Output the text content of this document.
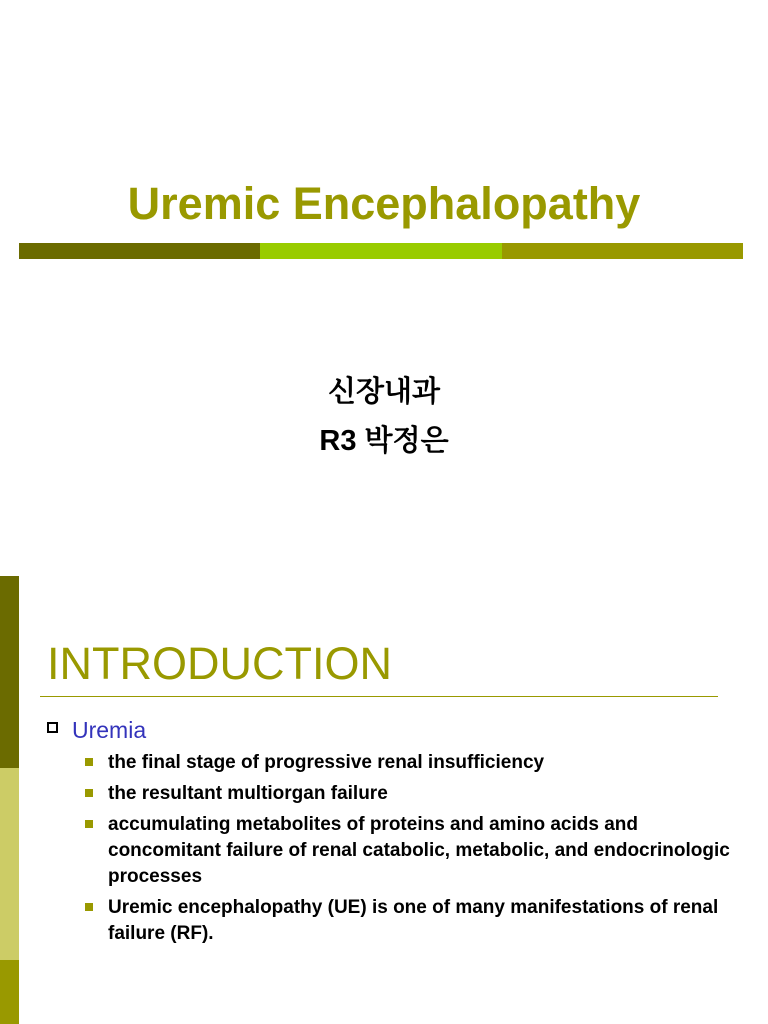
Uremic Encephalopathy
신장내과
R3 박정은
INTRODUCTION
Uremia
the final stage of progressive renal insufficiency
the resultant multiorgan failure
accumulating metabolites of proteins and amino acids and concomitant failure of renal catabolic, metabolic, and endocrinologic processes
Uremic encephalopathy (UE) is one of many manifestations of renal failure (RF).
